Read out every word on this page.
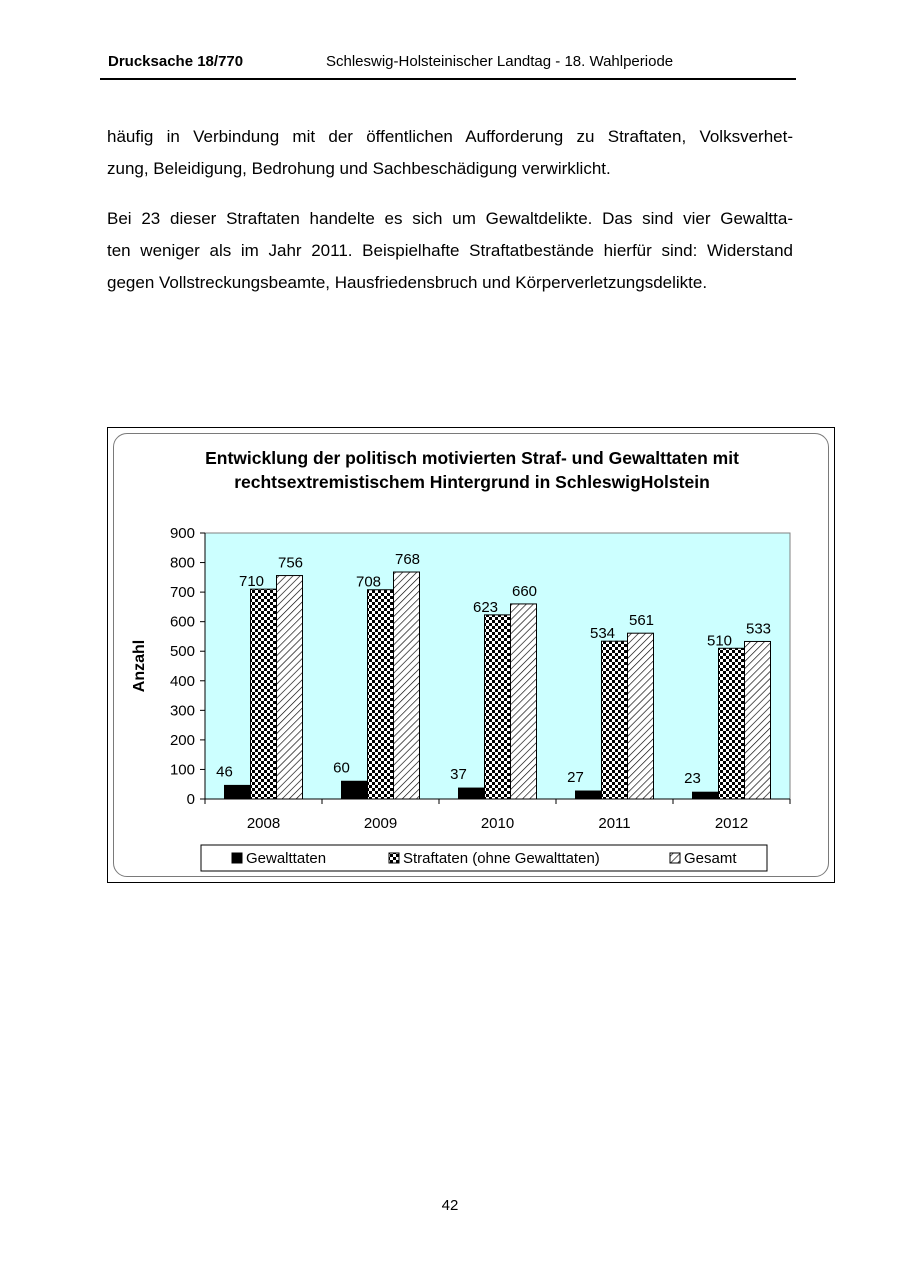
Drucksache 18/770	Schleswig-Holsteinischer Landtag - 18. Wahlperiode
häufig in Verbindung mit der öffentlichen Aufforderung zu Straftaten, Volksverhet-
zung, Beleidigung, Bedrohung und Sachbeschädigung verwirklicht.
Bei 23 dieser Straftaten handelte es sich um Gewaltdelikte. Das sind vier Gewaltta-
ten weniger als im Jahr 2011. Beispielhafte Straftatbestände hierfür sind: Widerstand
gegen Vollstreckungsbeamte, Hausfriedensbruch und Körperverletzungsdelikte.
Entwicklung der politisch motivierten Straf- und Gewalttaten mit
rechtsextremistischem Hintergrund in SchleswigHolstein
0
100
200
300
400
500
600
700
800
900
Anzahl
2008
46
710
756
2009
60
708
768
2010
37
623
660
2011
27
534
561
2012
23
510
533
Gewalttaten	Straftaten (ohne Gewalttaten)	Gesamt
42
